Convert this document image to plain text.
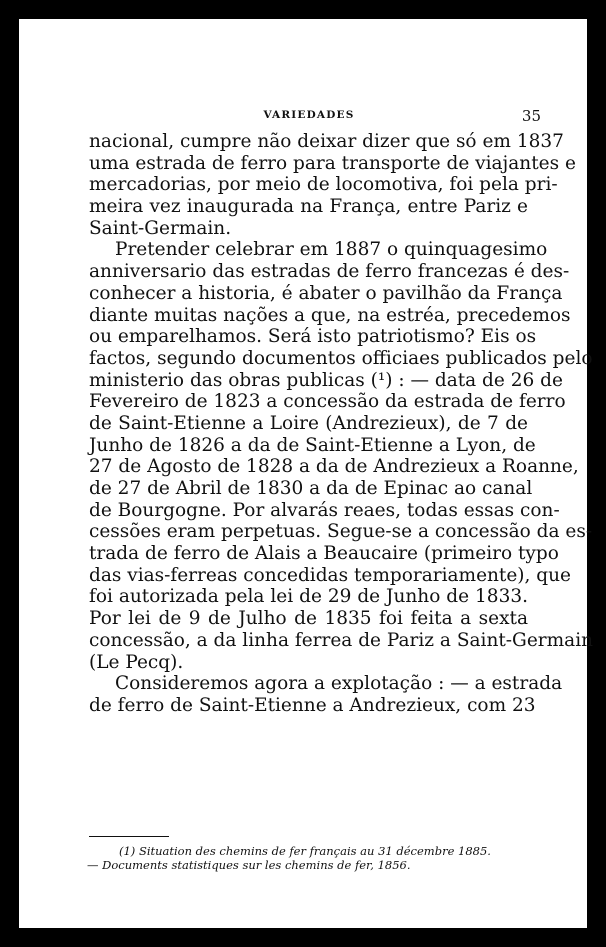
VARIEDADES	35
nacional, cumpre não deixar dizer que só em 1837
uma estrada de ferro para transporte de viajantes e
mercadorias, por meio de locomotiva, foi pela pri-
meira vez inaugurada na França, entre Pariz e
Saint-Germain.
Pretender celebrar em 1887 o quinquagesimo
anniversario das estradas de ferro francezas é des-
conhecer a historia, é abater o pavilhão da França
diante muitas nações a que, na estréa, precedemos
ou emparelhamos. Será isto patriotismo? Eis os
factos, segundo documentos officiaes publicados pelo
ministerio das obras publicas (¹) : — data de 26 de
Fevereiro de 1823 a concessão da estrada de ferro
de Saint-Etienne a Loire (Andrezieux), de 7 de
Junho de 1826 a da de Saint-Etienne a Lyon, de
27 de Agosto de 1828 a da de Andrezieux a Roanne,
de 27 de Abril de 1830 a da de Epinac ao canal
de Bourgogne. Por alvarás reaes, todas essas con-
cessões eram perpetuas. Segue-se a concessão da es-
trada de ferro de Alais a Beaucaire (primeiro typo
das vias-ferreas concedidas temporariamente), que
foi autorizada pela lei de 29 de Junho de 1833.
Por lei de 9 de Julho de 1835 foi feita a sexta
concessão, a da linha ferrea de Pariz a Saint-Germain
(Le Pecq).
Consideremos agora a explotação : — a estrada
de ferro de Saint-Etienne a Andrezieux, com 23
(1) Situation des chemins de fer français au 31 décembre 1885.
— Documents statistiques sur les chemins de fer, 1856.
